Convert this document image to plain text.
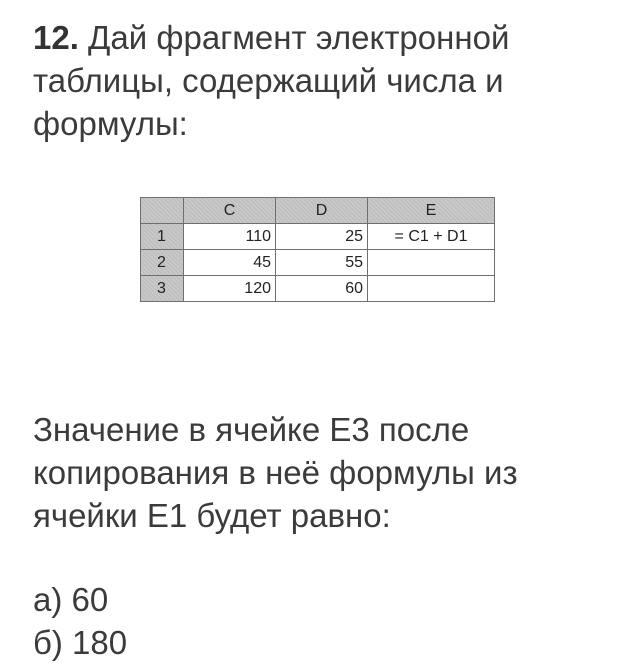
12. Дай фрагмент электронной
таблицы, содержащий числа и
формулы:
	C	D	E
1	110	25	= C1 + D1
2	45	55	
3	120	60	
Значение в ячейке E3 после
копирования в неё формулы из
ячейки E1 будет равно:
а) 60
б) 180
